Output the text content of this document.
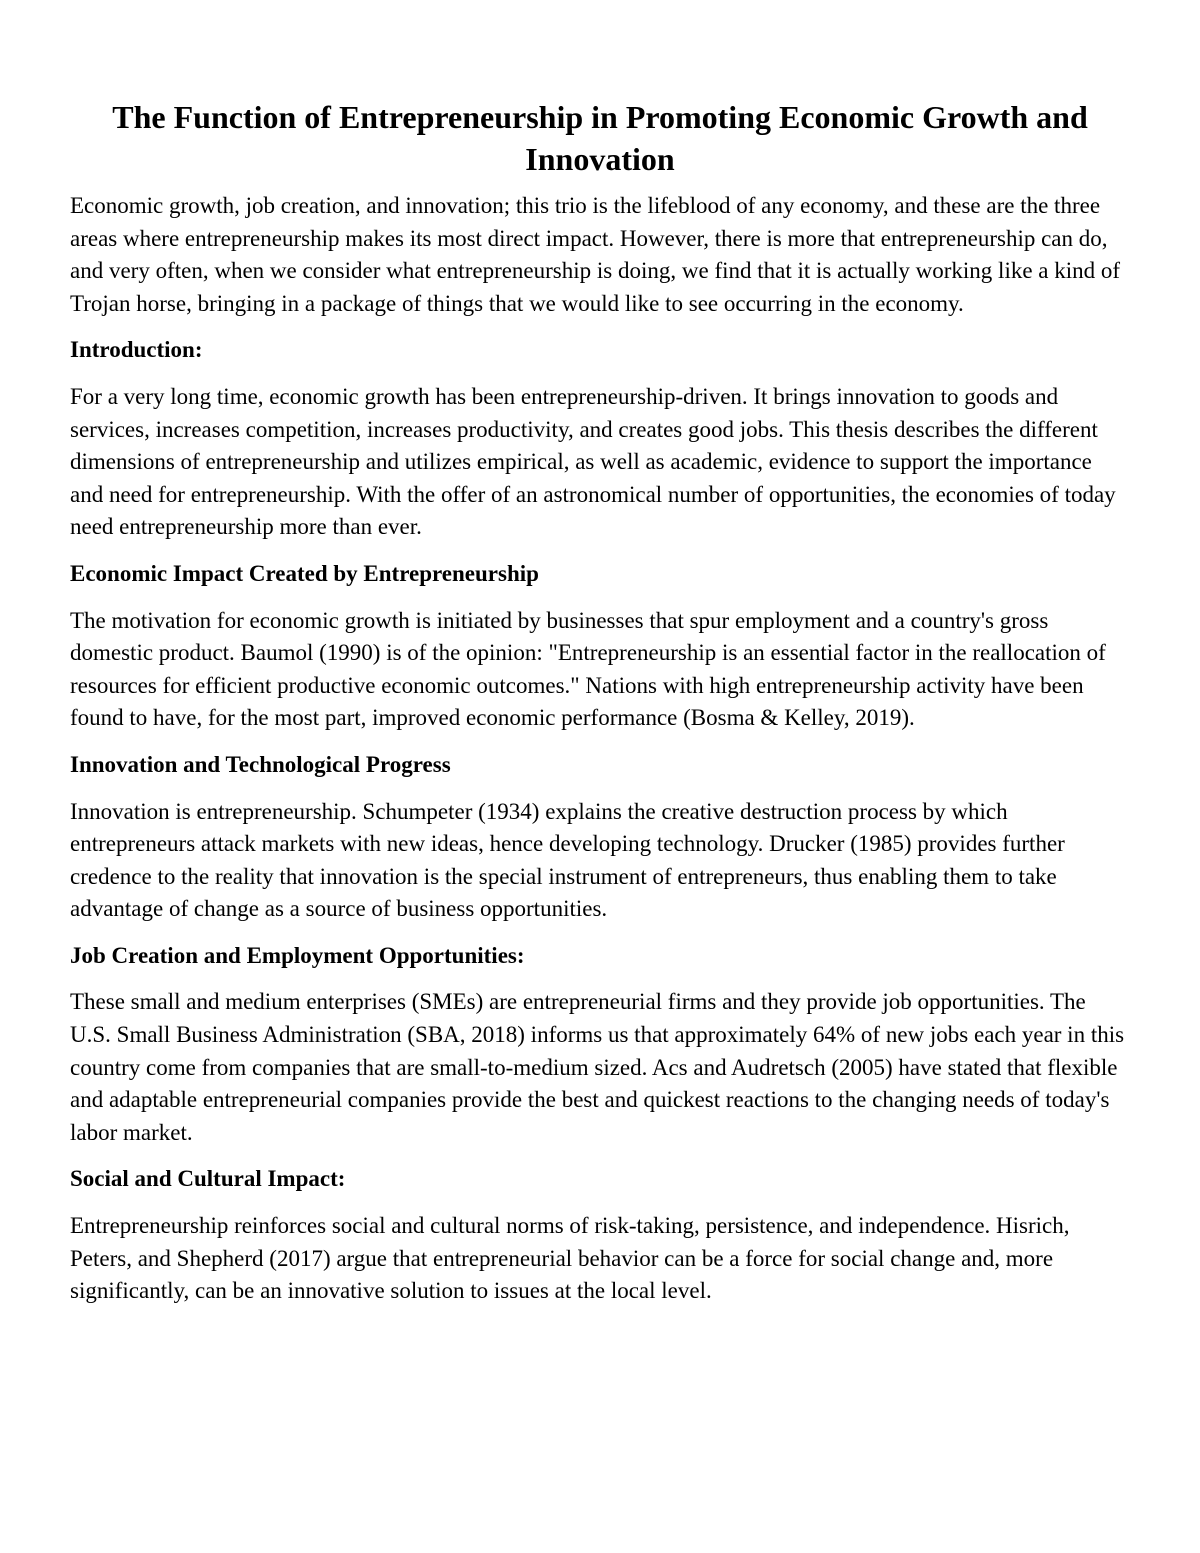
The Function of Entrepreneurship in Promoting Economic Growth and Innovation

Economic growth, job creation, and innovation; this trio is the lifeblood of any economy, and these are the three areas where entrepreneurship makes its most direct impact. However, there is more that entrepreneurship can do, and very often, when we consider what entrepreneurship is doing, we find that it is actually working like a kind of Trojan horse, bringing in a package of things that we would like to see occurring in the economy.

Introduction:

For a very long time, economic growth has been entrepreneurship-driven. It brings innovation to goods and services, increases competition, increases productivity, and creates good jobs. This thesis describes the different dimensions of entrepreneurship and utilizes empirical, as well as academic, evidence to support the importance and need for entrepreneurship. With the offer of an astronomical number of opportunities, the economies of today need entrepreneurship more than ever.

Economic Impact Created by Entrepreneurship

The motivation for economic growth is initiated by businesses that spur employment and a country's gross domestic product. Baumol (1990) is of the opinion: "Entrepreneurship is an essential factor in the reallocation of resources for efficient productive economic outcomes." Nations with high entrepreneurship activity have been found to have, for the most part, improved economic performance (Bosma & Kelley, 2019).

Innovation and Technological Progress

Innovation is entrepreneurship. Schumpeter (1934) explains the creative destruction process by which entrepreneurs attack markets with new ideas, hence developing technology. Drucker (1985) provides further credence to the reality that innovation is the special instrument of entrepreneurs, thus enabling them to take advantage of change as a source of business opportunities.

Job Creation and Employment Opportunities:

These small and medium enterprises (SMEs) are entrepreneurial firms and they provide job opportunities. The U.S. Small Business Administration (SBA, 2018) informs us that approximately 64% of new jobs each year in this country come from companies that are small-to-medium sized. Acs and Audretsch (2005) have stated that flexible and adaptable entrepreneurial companies provide the best and quickest reactions to the changing needs of today's labor market.

Social and Cultural Impact:

Entrepreneurship reinforces social and cultural norms of risk-taking, persistence, and independence. Hisrich, Peters, and Shepherd (2017) argue that entrepreneurial behavior can be a force for social change and, more significantly, can be an innovative solution to issues at the local level.
